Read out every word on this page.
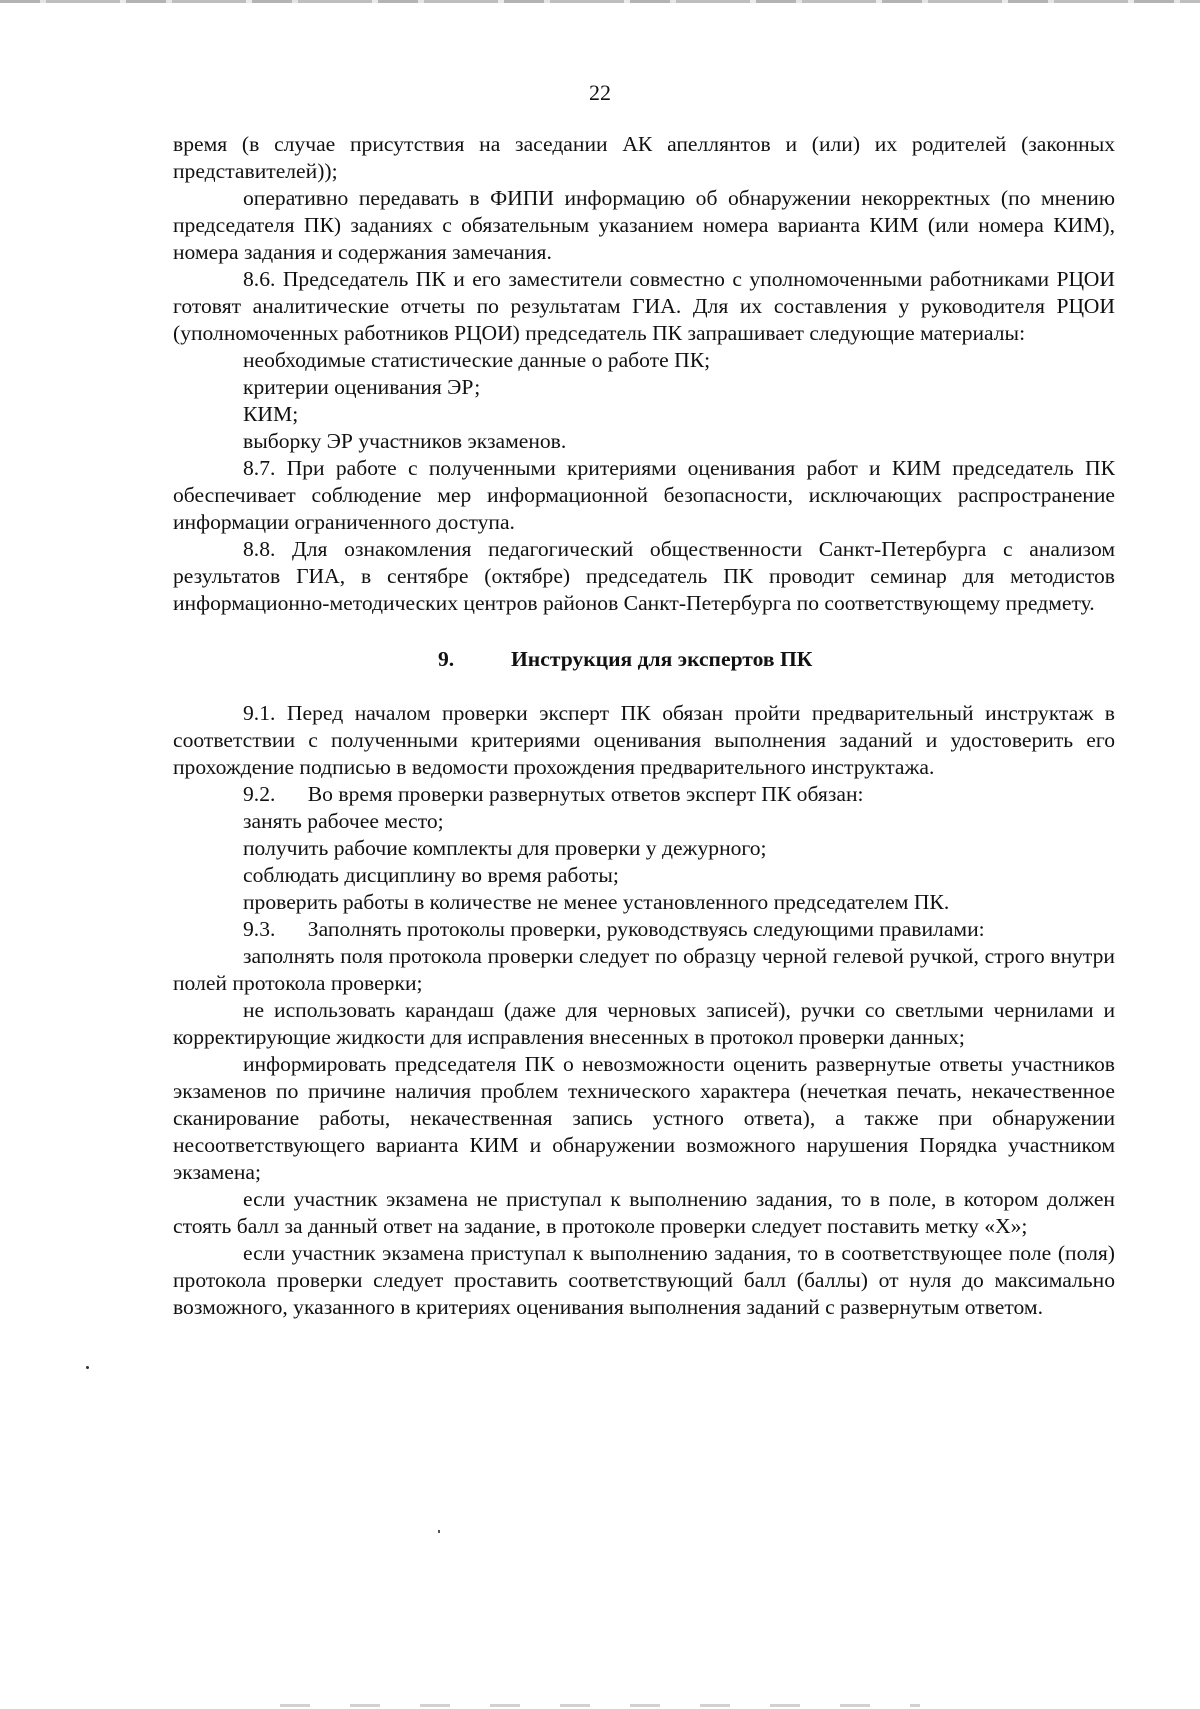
22

время (в случае присутствия на заседании АК апеллянтов и (или) их родителей (законных представителей));

оперативно передавать в ФИПИ информацию об обнаружении некорректных (по мнению председателя ПК) заданиях с обязательным указанием номера варианта КИМ (или номера КИМ), номера задания и содержания замечания.

8.6. Председатель ПК и его заместители совместно с уполномоченными работниками РЦОИ готовят аналитические отчеты по результатам ГИА. Для их составления у руководителя РЦОИ (уполномоченных работников РЦОИ) председатель ПК запрашивает следующие материалы:

необходимые статистические данные о работе ПК;

критерии оценивания ЭР;

КИМ;

выборку ЭР участников экзаменов.

8.7. При работе с полученными критериями оценивания работ и КИМ председатель ПК обеспечивает соблюдение мер информационной безопасности, исключающих распространение информации ограниченного доступа.

8.8. Для ознакомления педагогический общественности Санкт-Петербурга с анализом результатов ГИА, в сентябре (октябре) председатель ПК проводит семинар для методистов информационно-методических центров районов Санкт-Петербурга по соответствующему предмету.

9.	Инструкция для экспертов ПК

9.1. Перед началом проверки эксперт ПК обязан пройти предварительный инструктаж в соответствии с полученными критериями оценивания выполнения заданий и удостоверить его прохождение подписью в ведомости прохождения предварительного инструктажа.

9.2.      Во время проверки развернутых ответов эксперт ПК обязан:

занять рабочее место;

получить рабочие комплекты для проверки у дежурного;

соблюдать дисциплину во время работы;

проверить работы в количестве не менее установленного председателем ПК.

9.3.      Заполнять протоколы проверки, руководствуясь следующими правилами:

заполнять поля протокола проверки следует по образцу черной гелевой ручкой, строго внутри полей протокола проверки;

не использовать карандаш (даже для черновых записей), ручки со светлыми чернилами и корректирующие жидкости для исправления внесенных в протокол проверки данных;

информировать председателя ПК о невозможности оценить развернутые ответы участников экзаменов по причине наличия проблем технического характера (нечеткая печать, некачественное сканирование работы, некачественная запись устного ответа), а также при обнаружении несоответствующего варианта КИМ и обнаружении возможного нарушения Порядка участником экзамена;

если участник экзамена не приступал к выполнению задания, то в поле, в котором должен стоять балл за данный ответ на задание, в протоколе проверки следует поставить метку «Х»;

если участник экзамена приступал к выполнению задания, то в соответствующее поле (поля) протокола проверки следует проставить соответствующий балл (баллы) от нуля до максимально возможного, указанного в критериях оценивания выполнения заданий с развернутым ответом.
